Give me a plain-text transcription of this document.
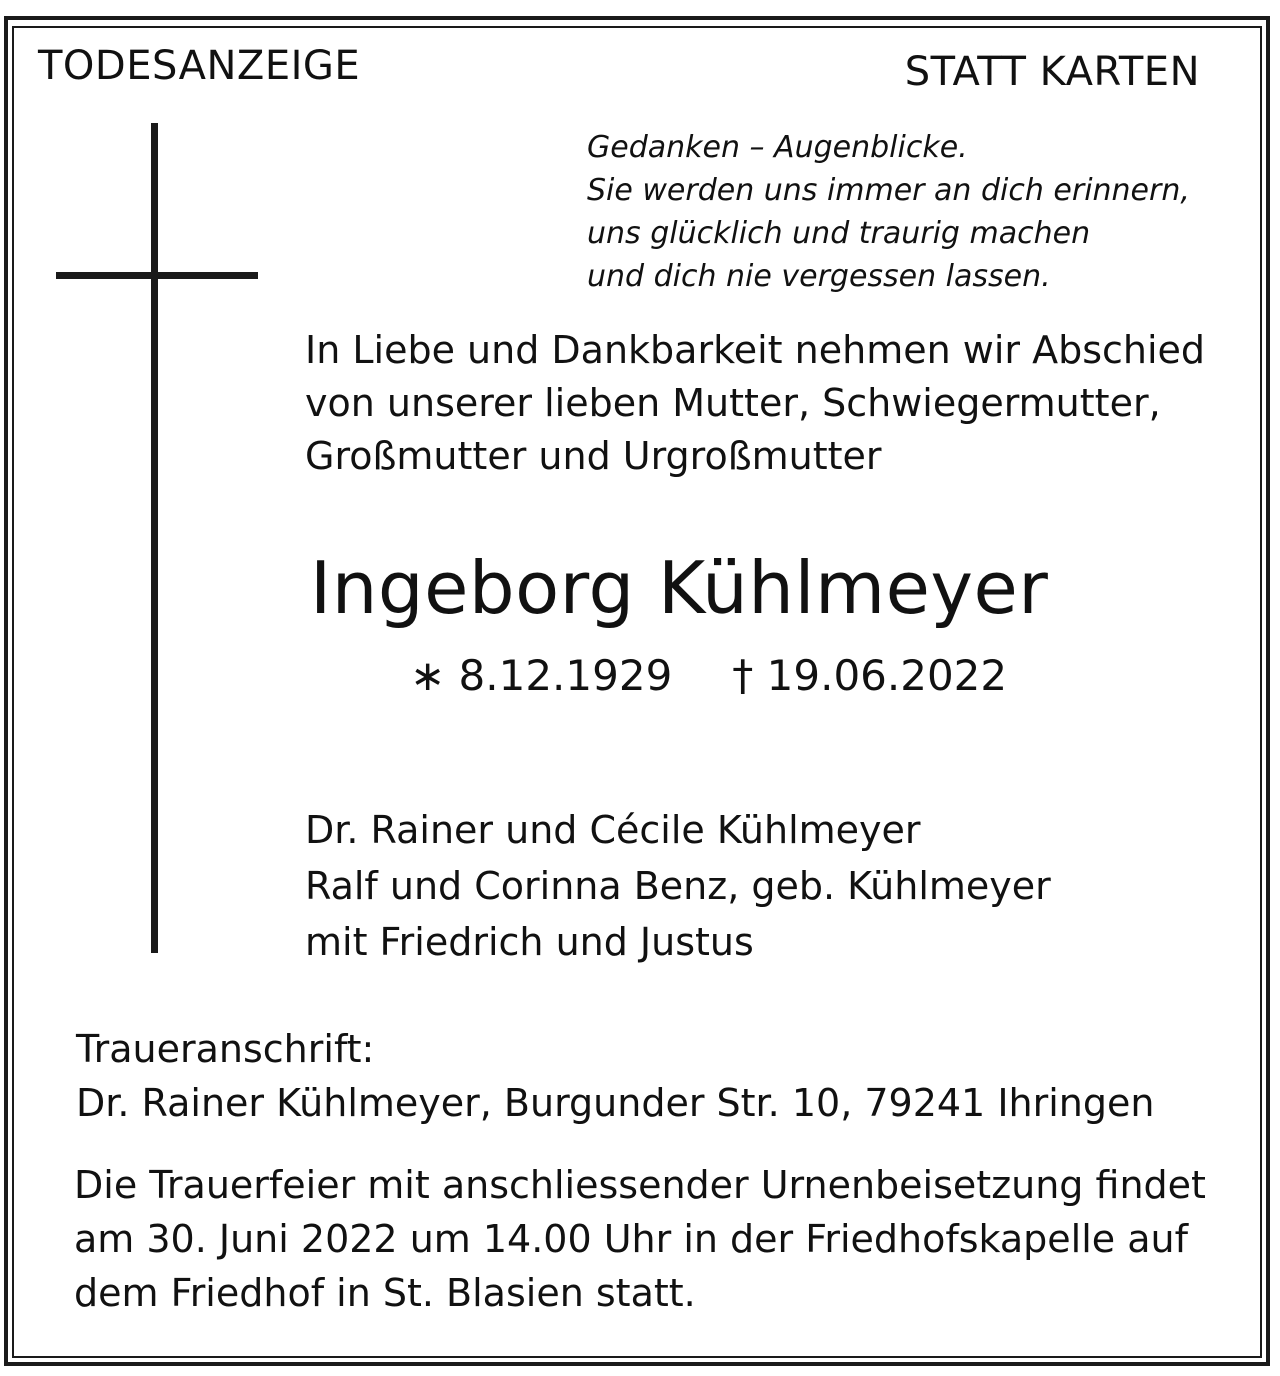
TODESANZEIGE	STATT KARTEN
Gedanken – Augenblicke.
Sie werden uns immer an dich erinnern,
uns glücklich und traurig machen
und dich nie vergessen lassen.
In Liebe und Dankbarkeit nehmen wir Abschied
von unserer lieben Mutter, Schwiegermutter,
Großmutter und Urgroßmutter
Ingeborg Kühlmeyer
∗ 8.12.1929 † 19.06.2022
Dr. Rainer und Cécile Kühlmeyer
Ralf und Corinna Benz, geb. Kühlmeyer
mit Friedrich und Justus
Traueranschrift:
Dr. Rainer Kühlmeyer, Burgunder Str. 10, 79241 Ihringen
Die Trauerfeier mit anschliessender Urnenbeisetzung findet
am 30. Juni 2022 um 14.00 Uhr in der Friedhofskapelle auf
dem Friedhof in St. Blasien statt.
